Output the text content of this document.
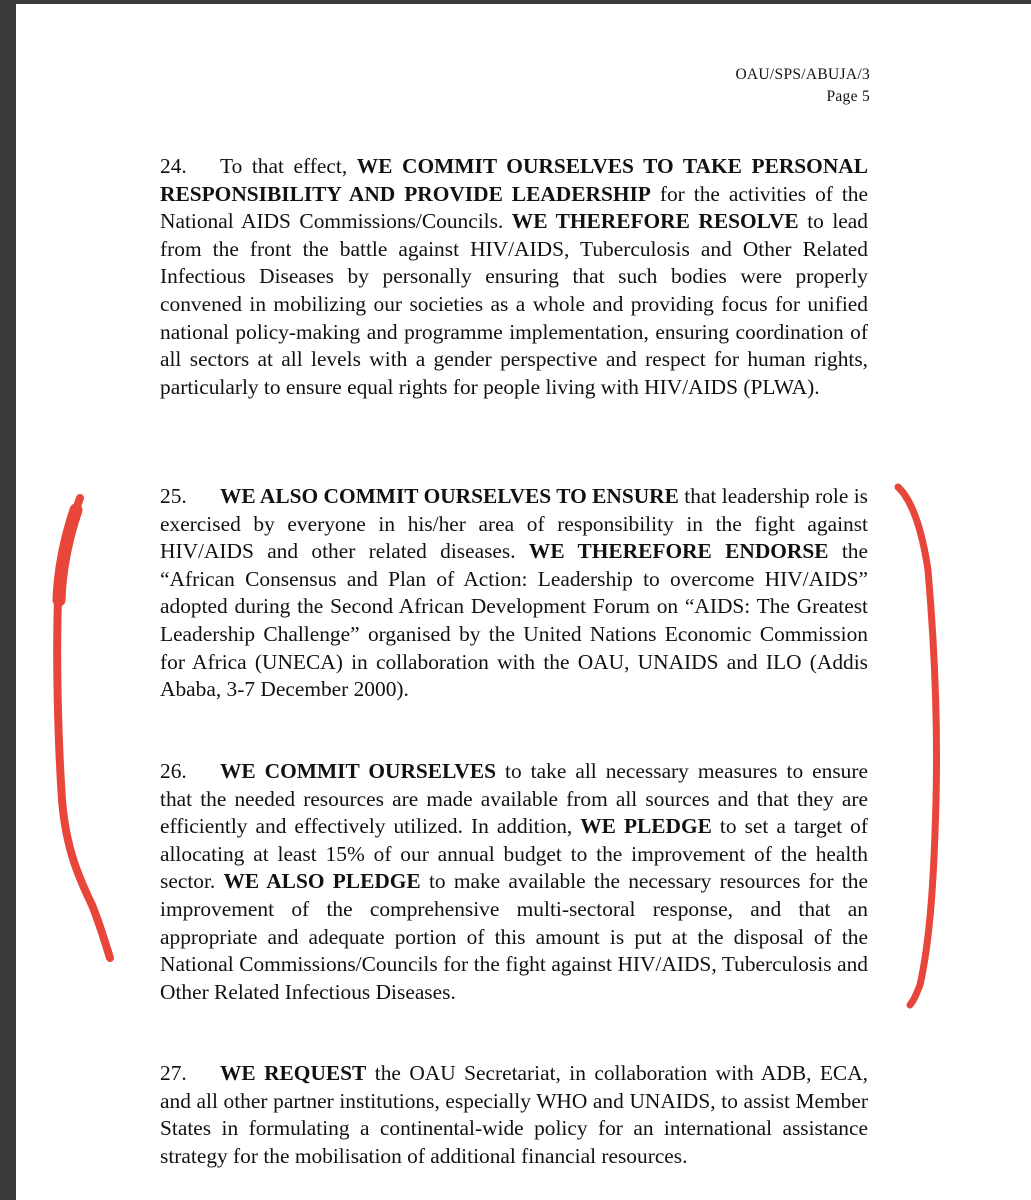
OAU/SPS/ABUJA/3
Page 5

24. To that effect, WE COMMIT OURSELVES TO TAKE PERSONAL RESPONSIBILITY AND PROVIDE LEADERSHIP for the activities of the National AIDS Commissions/Councils. WE THEREFORE RESOLVE to lead from the front the battle against HIV/AIDS, Tuberculosis and Other Related Infectious Diseases by personally ensuring that such bodies were properly convened in mobilizing our societies as a whole and providing focus for unified national policy-making and programme implementation, ensuring coordination of all sectors at all levels with a gender perspective and respect for human rights, particularly to ensure equal rights for people living with HIV/AIDS (PLWA).

25. WE ALSO COMMIT OURSELVES TO ENSURE that leadership role is exercised by everyone in his/her area of responsibility in the fight against HIV/AIDS and other related diseases. WE THEREFORE ENDORSE the “African Consensus and Plan of Action: Leadership to overcome HIV/AIDS” adopted during the Second African Development Forum on “AIDS: The Greatest Leadership Challenge” organised by the United Nations Economic Commission for Africa (UNECA) in collaboration with the OAU, UNAIDS and ILO (Addis Ababa, 3-7 December 2000).

26. WE COMMIT OURSELVES to take all necessary measures to ensure that the needed resources are made available from all sources and that they are efficiently and effectively utilized. In addition, WE PLEDGE to set a target of allocating at least 15% of our annual budget to the improvement of the health sector. WE ALSO PLEDGE to make available the necessary resources for the improvement of the comprehensive multi-sectoral response, and that an appropriate and adequate portion of this amount is put at the disposal of the National Commissions/Councils for the fight against HIV/AIDS, Tuberculosis and Other Related Infectious Diseases.

27. WE REQUEST the OAU Secretariat, in collaboration with ADB, ECA, and all other partner institutions, especially WHO and UNAIDS, to assist Member States in formulating a continental-wide policy for an international assistance strategy for the mobilisation of additional financial resources.
